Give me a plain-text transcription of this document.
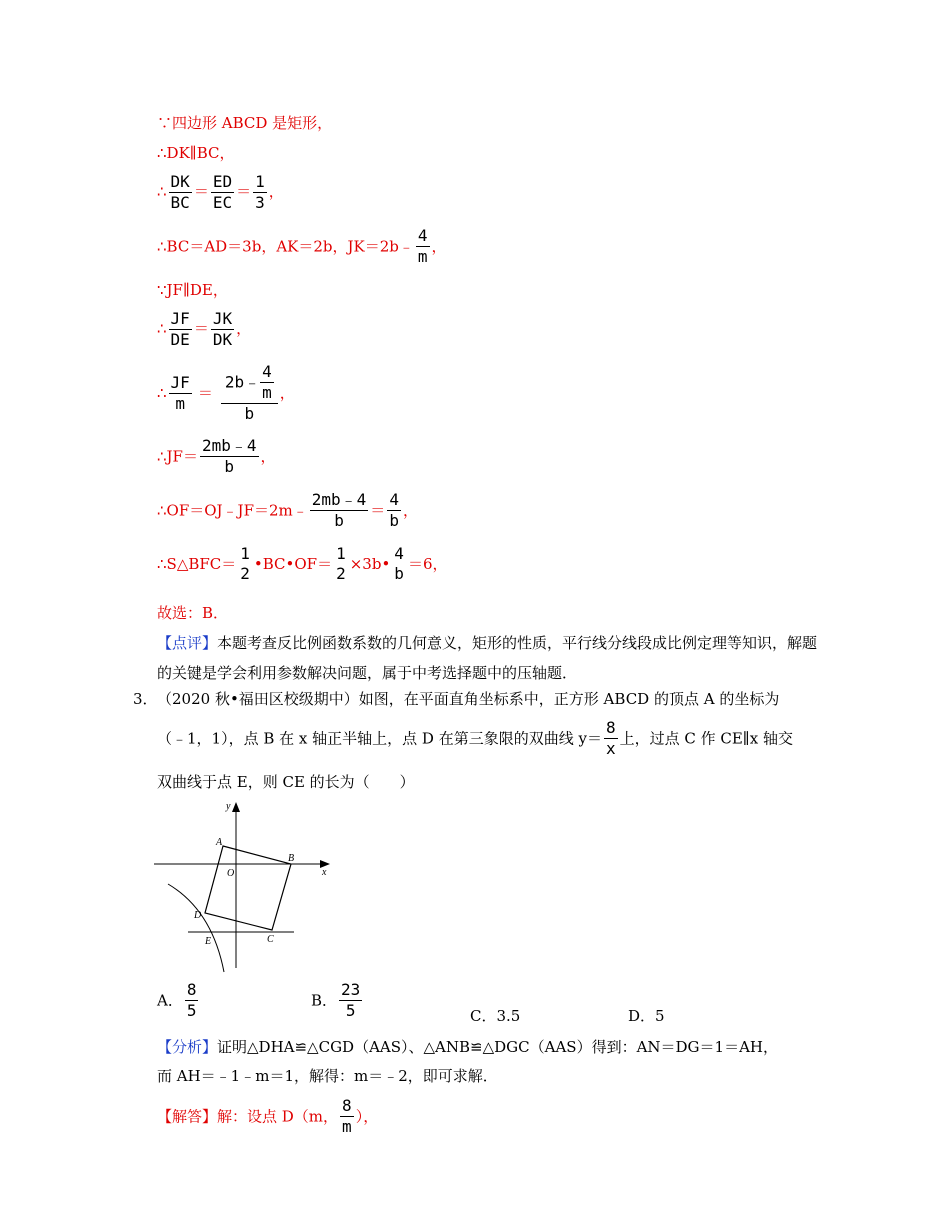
∵四边形 ABCD 是矩形，
∴DK∥BC，
∴ $\frac{DK}{BC} = \frac{ED}{EC} = \frac{1}{3}$ ，
∴BC＝AD＝3b，AK＝2b，JK＝2b﹣ $\frac{4}{m}$ ，
∵JF∥DE，
∴ $\frac{JF}{DE} = \frac{JK}{DK}$ ，
∴ $\frac{JF}{m} = \frac{2b﹣ \frac{4}{m}}{b}$ ，
∴JF＝ $\frac{2mb﹣4}{b}$ ，
∴OF＝OJ﹣JF＝2m﹣ $\frac{2mb﹣4}{b} = \frac{4}{b}$ ，
∴S△BFC＝
1
2 •BC•OF＝
1
2 ×3b•
4
b ＝6，
故选：B．
【点评】本题考查反比例函数系数的几何意义，矩形的性质，平行线分线段成比例定理等知识，解题的关键是学会利用参数解决问题，属于中考选择题中的压轴题．
3． （2020 秋•福田区校级期中）如图，在平面直角坐标系中，正方形 ABCD 的顶点 A 的坐标为
（﹣1，1），点 B 在 x 轴正半轴上，点 D 在第三象限的双曲线 $y= \frac{8}{x}$ 上，过点 C 作 CE∥x 轴交
双曲线于点 E，则 CE 的长为（　　）
y
x
O
A
B
C
D
E
A． $\frac{8}{5}$	B． $\frac{23}{5}$	C．3.5	D．5
【分析】证明△DHA≌△CGD（AAS）、△ANB≌△DGC（AAS）得到：AN＝DG＝1＝AH，
而 AH＝﹣1﹣m＝1，解得：m＝﹣2，即可求解．
【解答】解：设点 D（m， $\frac{8}{m}$ ），
